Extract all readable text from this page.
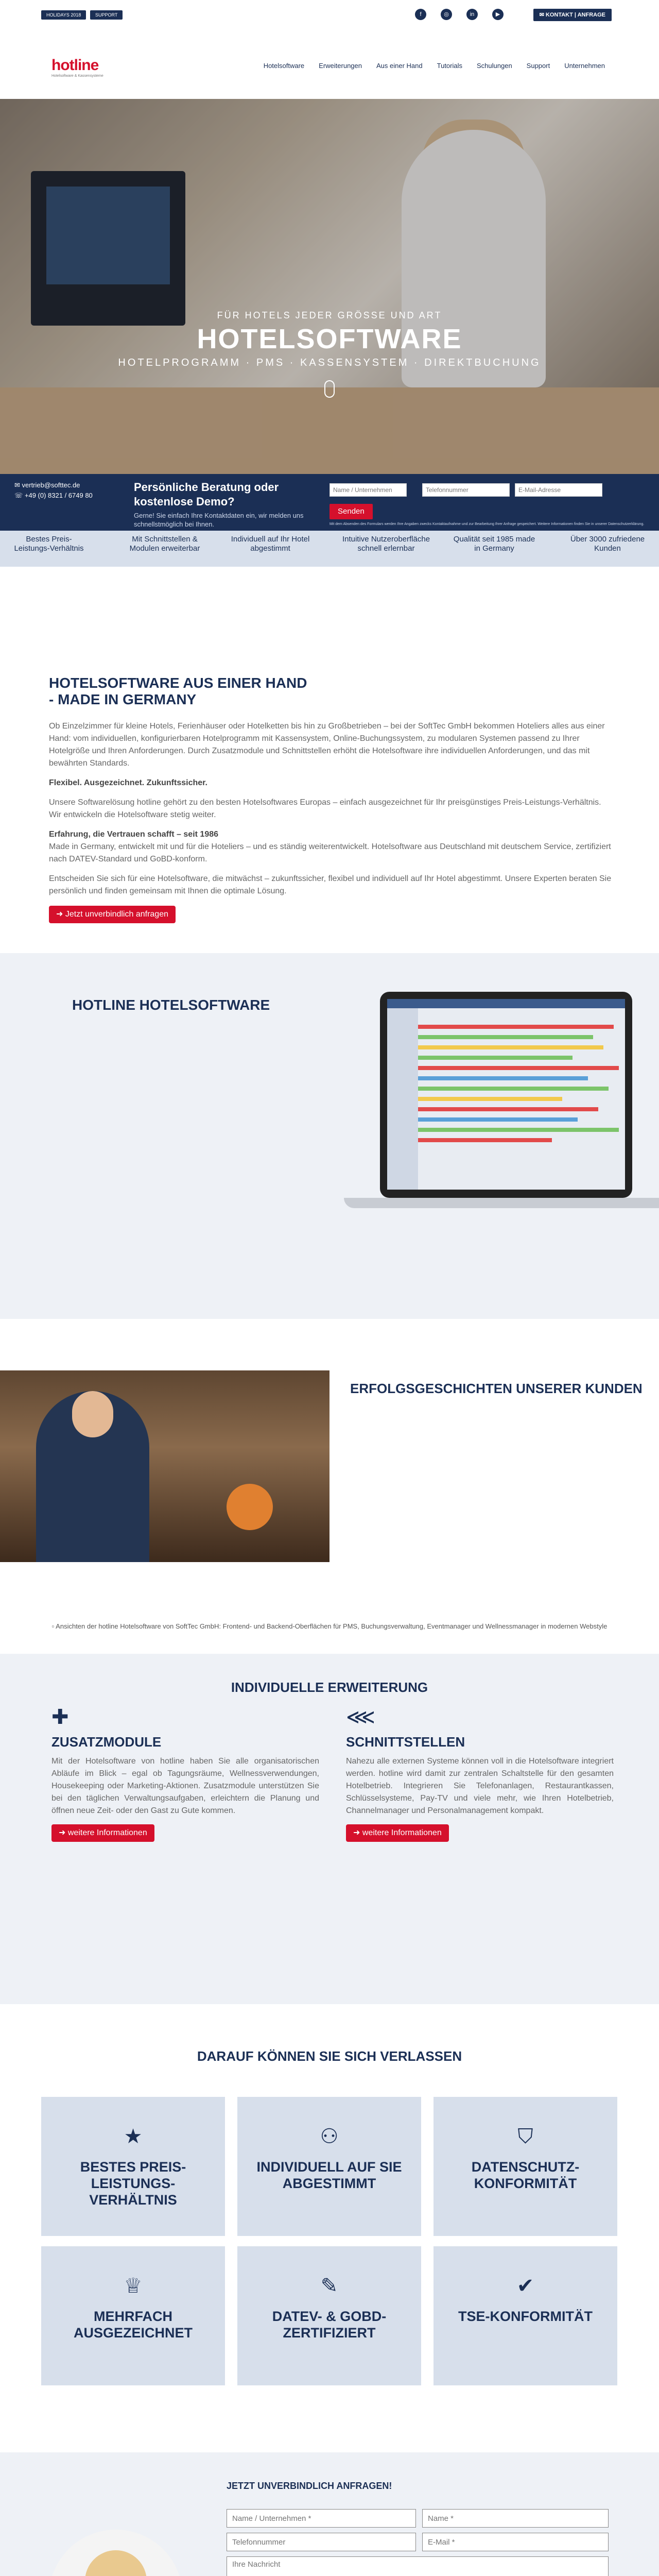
HOLIDAYS 2018	SUPPORT	f	◎	in	▶	✉ KONTAKT | ANFRAGE
hotline
Hotelsoftware & Kassensysteme
Hotelsoftware Erweiterungen Aus einer Hand Tutorials Schulungen Support Unternehmen
FÜR HOTELS JEDER GRÖSSE UND ART
HOTELSOFTWARE
HOTELPROGRAMM · PMS · KASSENSYSTEM · DIREKTBUCHUNG
✉ vertrieb@softtec.de
☏ +49 (0) 8321 / 6749 80
Persönliche Beratung oder kostenlose Demo?
Gerne! Sie einfach Ihre Kontaktdaten ein, wir melden uns schnellstmöglich bei Ihnen.
Name / Unternehmen
Telefonnummer
E-Mail-Adresse
Senden
Mit dem Absenden des Formulars werden Ihre Angaben zwecks Kontaktaufnahme und zur Bearbeitung Ihrer Anfrage gespeichert. Weitere Informationen finden Sie in unserer Datenschutzerklärung.
Bestes Preis-Leistungs-Verhältnis
Mit Schnittstellen & Modulen erweiterbar
Individuell auf Ihr Hotel abgestimmt
Intuitive Nutzeroberfläche schnell erlernbar
Qualität seit 1985 made in Germany
Über 3000 zufriedene Kunden
HOTELSOFTWARE AUS EINER HAND
- MADE IN GERMANY

Ob Einzelzimmer für kleine Hotels, Ferienhäuser oder Hotelketten bis hin zu Großbetrieben – bei der SoftTec GmbH bekommen Hoteliers alles aus einer Hand: vom individuellen, konfigurierbaren Hotelprogramm mit Kassensystem, Online-Buchungssystem, zu modularen Systemen passend zu Ihrer Hotelgröße und Ihren Anforderungen. Durch Zusatzmodule und Schnittstellen erhöht die Hotelsoftware ihre individuellen Anforderungen, und das mit bewährten Standards.

Flexibel. Ausgezeichnet. Zukunftssicher.

Unsere Softwarelösung hotline gehört zu den besten Hotelsoftwares Europas – einfach ausgezeichnet für Ihr preisgünstiges Preis-Leistungs-Verhältnis. Wir entwickeln die Hotelsoftware stetig weiter.

Erfahrung, die Vertrauen schafft – seit 1986

Made in Germany, entwickelt mit und für die Hoteliers – und es ständig weiterentwickelt. Hotelsoftware aus Deutschland mit deutschem Service, zertifiziert nach DATEV-Standard und GoBD-konform.

Entscheiden Sie sich für eine Hotelsoftware, die mitwächst – zukunftssicher, flexibel und individuell auf Ihr Hotel abgestimmt. Unsere Experten beraten Sie persönlich und finden gemeinsam mit Ihnen die optimale Lösung.

➜ Jetzt unverbindlich anfragen
HOTLINE HOTELSOFTWARE
ERFOLGSGESCHICHTEN UNSERER KUNDEN
▫ Ansichten der hotline Hotelsoftware von SoftTec GmbH: Frontend- und Backend-Oberflächen für PMS, Buchungsverwaltung, Eventmanager und Wellnessmanager in modernen Webstyle
INDIVIDUELLE ERWEITERUNG
✚
ZUSATZMODULE

Mit der Hotelsoftware von hotline haben Sie alle organisatorischen Abläufe im Blick – egal ob Tagungsräume, Wellnessverwendungen, Housekeeping oder Marketing-Aktionen. Zusatzmodule unterstützen Sie bei den täglichen Verwaltungsaufgaben, erleichtern die Planung und öffnen neue Zeit- oder den Gast zu Gute kommen.

➜ weitere Informationen
⋘
SCHNITTSTELLEN

Nahezu alle externen Systeme können voll in die Hotelsoftware integriert werden. hotline wird damit zur zentralen Schaltstelle für den gesamten Hotelbetrieb. Integrieren Sie Telefonanlagen, Restaurantkassen, Schlüsselsysteme, Pay-TV und viele mehr, wie Ihren Hotelbetrieb, Channelmanager und Personalmanagement kompakt.

➜ weitere Informationen
DARAUF KÖNNEN SIE SICH VERLASSEN
★
BESTES PREIS-
LEISTUNGS-
VERHÄLTNIS
⚇
INDIVIDUELL AUF SIE
ABGESTIMMT
⛉
DATENSCHUTZ-
KONFORMITÄT
♕
MEHRFACH
AUSGEZEICHNET
✎
DATEV- & GOBD-
ZERTIFIZIERT
✔
TSE-KONFORMITÄT
JETZT UNVERBINDLICH ANFRAGEN!
Name / Unternehmen *
Name *
Telefonnummer
E-Mail *
Ihre Nachricht
